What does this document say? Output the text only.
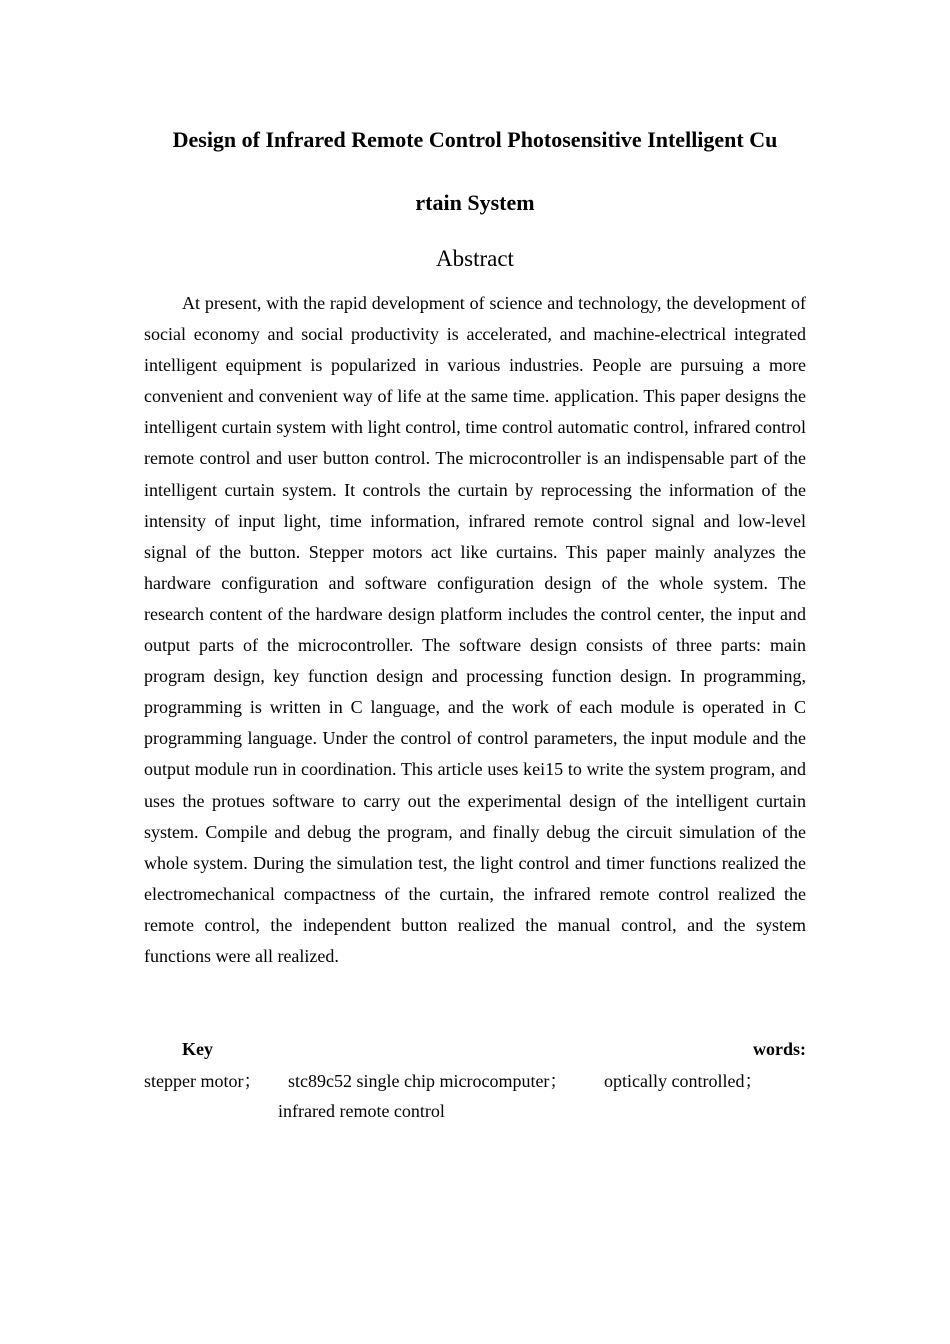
Design of Infrared Remote Control Photosensitive Intelligent Cu
rtain System
Abstract

At present, with the rapid development of science and technology, the development of social economy and social productivity is accelerated, and machine-electrical integrated intelligent equipment is popularized in various industries. People are pursuing a more convenient and convenient way of life at the same time. application. This paper designs the intelligent curtain system with light control, time control automatic control, infrared control remote control and user button control. The microcontroller is an indispensable part of the intelligent curtain system. It controls the curtain by reprocessing the information of the intensity of input light, time information, infrared remote control signal and low-level signal of the button. Stepper motors act like curtains. This paper mainly analyzes the hardware configuration and software configuration design of the whole system. The research content of the hardware design platform includes the control center, the input and output parts of the microcontroller. The software design consists of three parts: main program design, key function design and processing function design. In programming, programming is written in C language, and the work of each module is operated in C programming language. Under the control of control parameters, the input module and the output module run in coordination. This article uses kei15 to write the system program, and uses the protues software to carry out the experimental design of the intelligent curtain system. Compile and debug the program, and finally debug the circuit simulation of the whole system. During the simulation test, the light control and timer functions realized the electromechanical compactness of the curtain, the infrared remote control realized the remote control, the independent button realized the manual control, and the system functions were all realized.

Key	words:
stepper motor； stc89c52 single chip microcomputer； optically controlled；
infrared remote control
